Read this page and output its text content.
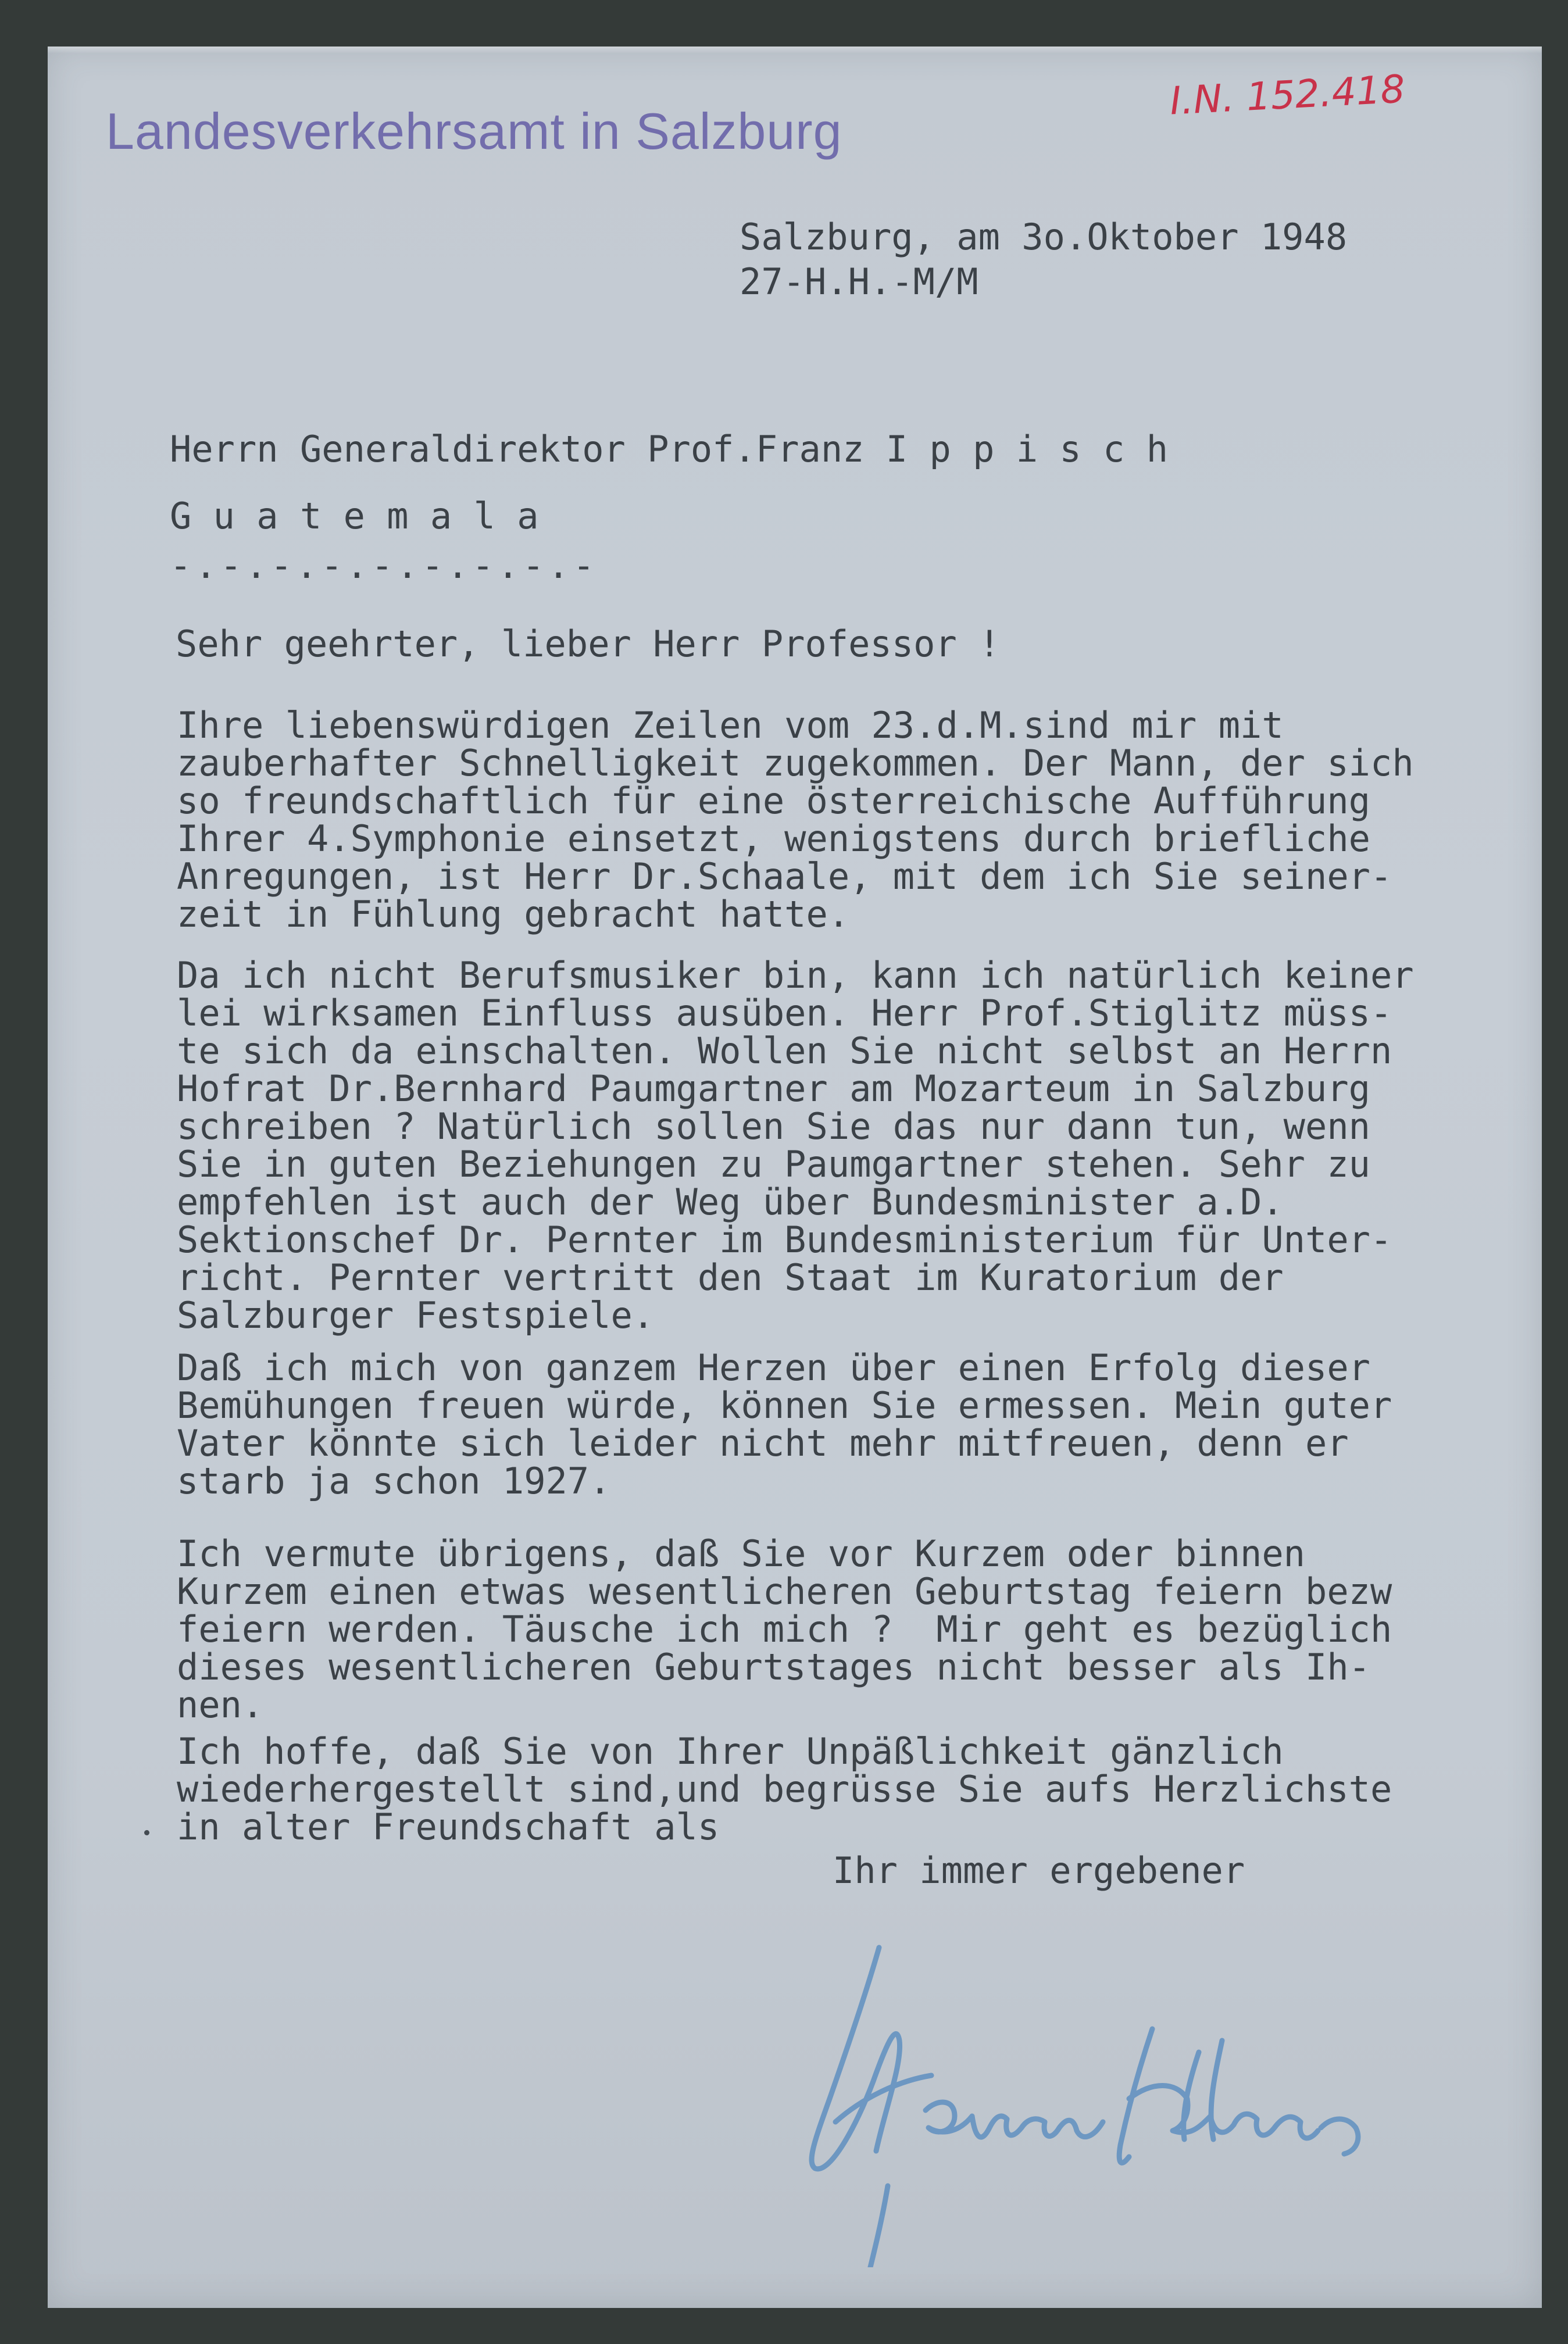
Landesverkehrsamt in Salzburg
I.N. 152.418
Salzburg, am 3o.Oktober 1948
27-H.H.-M/M
Herrn Generaldirektor Prof.Franz I p p i s c h
G u a t e m a l a
-.-.-.-.-.-.-.-.-
Sehr geehrter, lieber Herr Professor !
Ihre liebenswürdigen Zeilen vom 23.d.M.sind mir mit
zauberhafter Schnelligkeit zugekommen. Der Mann, der sich
so freundschaftlich für eine österreichische Aufführung
Ihrer 4.Symphonie einsetzt, wenigstens durch briefliche
Anregungen, ist Herr Dr.Schaale, mit dem ich Sie seiner-
zeit in Fühlung gebracht hatte.
Da ich nicht Berufsmusiker bin, kann ich natürlich keiner
lei wirksamen Einfluss ausüben. Herr Prof.Stiglitz müss-
te sich da einschalten. Wollen Sie nicht selbst an Herrn
Hofrat Dr.Bernhard Paumgartner am Mozarteum in Salzburg
schreiben ? Natürlich sollen Sie das nur dann tun, wenn
Sie in guten Beziehungen zu Paumgartner stehen. Sehr zu
empfehlen ist auch der Weg über Bundesminister a.D.
Sektionschef Dr. Pernter im Bundesministerium für Unter-
richt. Pernter vertritt den Staat im Kuratorium der
Salzburger Festspiele.
Daß ich mich von ganzem Herzen über einen Erfolg dieser
Bemühungen freuen würde, können Sie ermessen. Mein guter
Vater könnte sich leider nicht mehr mitfreuen, denn er
starb ja schon 1927.
Ich vermute übrigens, daß Sie vor Kurzem oder binnen
Kurzem einen etwas wesentlicheren Geburtstag feiern bezw
feiern werden. Täusche ich mich ?  Mir geht es bezüglich
dieses wesentlicheren Geburtstages nicht besser als Ih-
nen.
Ich hoffe, daß Sie von Ihrer Unpäßlichkeit gänzlich
wiederhergestellt sind,und begrüsse Sie aufs Herzlichste
in alter Freundschaft als
Ihr immer ergebener
